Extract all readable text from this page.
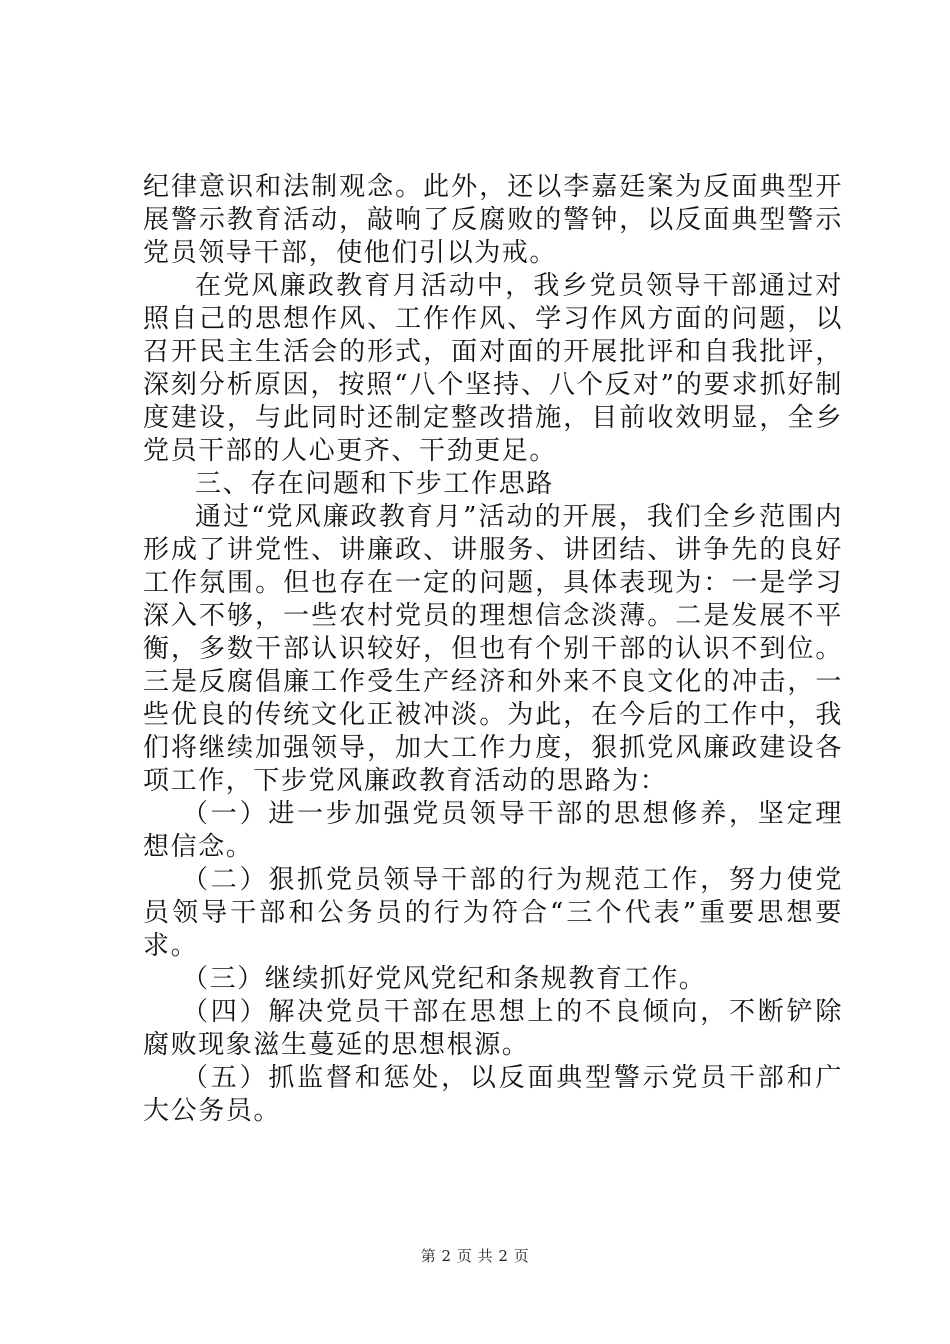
纪律意识和法制观念。此外，还以李嘉廷案为反面典型开展警示教育活动，敲响了反腐败的警钟，以反面典型警示党员领导干部，使他们引以为戒。

在党风廉政教育月活动中，我乡党员领导干部通过对照自己的思想作风、工作作风、学习作风方面的问题，以召开民主生活会的形式，面对面的开展批评和自我批评，深刻分析原因，按照“八个坚持、八个反对”的要求抓好制度建设，与此同时还制定整改措施，目前收效明显，全乡党员干部的人心更齐、干劲更足。

三、存在问题和下步工作思路

通过“党风廉政教育月”活动的开展，我们全乡范围内形成了讲党性、讲廉政、讲服务、讲团结、讲争先的良好工作氛围。但也存在一定的问题，具体表现为：一是学习深入不够，一些农村党员的理想信念淡薄。二是发展不平衡，多数干部认识较好，但也有个别干部的认识不到位。三是反腐倡廉工作受生产经济和外来不良文化的冲击，一些优良的传统文化正被冲淡。为此，在今后的工作中，我们将继续加强领导，加大工作力度，狠抓党风廉政建设各项工作，下步党风廉政教育活动的思路为：

（一）进一步加强党员领导干部的思想修养，坚定理想信念。

（二）狠抓党员领导干部的行为规范工作，努力使党员领导干部和公务员的行为符合“三个代表”重要思想要求。

（三）继续抓好党风党纪和条规教育工作。

（四）解决党员干部在思想上的不良倾向，不断铲除腐败现象滋生蔓延的思想根源。

（五）抓监督和惩处，以反面典型警示党员干部和广大公务员。

第 2 页 共 2 页
